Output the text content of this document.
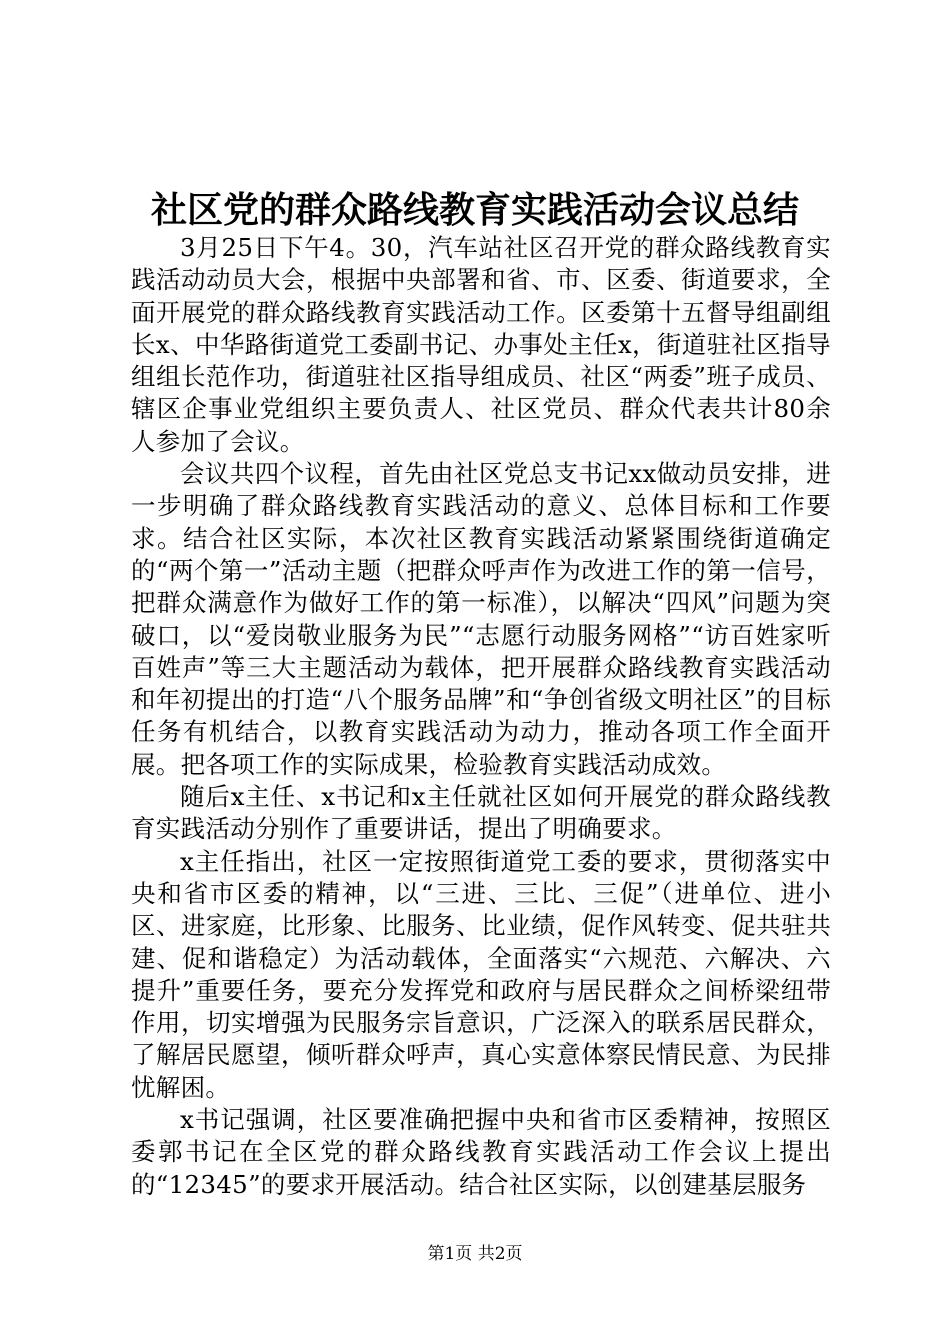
社区党的群众路线教育实践活动会议总结

3月25日下午4。30，汽车站社区召开党的群众路线教育实践活动动员大会，根据中央部署和省、市、区委、街道要求，全面开展党的群众路线教育实践活动工作。区委第十五督导组副组长x、中华路街道党工委副书记、办事处主任x，街道驻社区指导组组长范作功，街道驻社区指导组成员、社区“两委”班子成员、辖区企事业党组织主要负责人、社区党员、群众代表共计80余人参加了会议。

会议共四个议程，首先由社区党总支书记xx做动员安排，进一步明确了群众路线教育实践活动的意义、总体目标和工作要求。结合社区实际，本次社区教育实践活动紧紧围绕街道确定的“两个第一”活动主题（把群众呼声作为改进工作的第一信号，把群众满意作为做好工作的第一标准），以解决“四风”问题为突破口，以“爱岗敬业服务为民”“志愿行动服务网格”“访百姓家听百姓声”等三大主题活动为载体，把开展群众路线教育实践活动和年初提出的打造“八个服务品牌”和“争创省级文明社区”的目标任务有机结合，以教育实践活动为动力，推动各项工作全面开展。把各项工作的实际成果，检验教育实践活动成效。

随后x主任、x书记和x主任就社区如何开展党的群众路线教育实践活动分别作了重要讲话，提出了明确要求。

x主任指出，社区一定按照街道党工委的要求，贯彻落实中央和省市区委的精神，以“三进、三比、三促”（进单位、进小区、进家庭，比形象、比服务、比业绩，促作风转变、促共驻共建、促和谐稳定）为活动载体，全面落实“六规范、六解决、六提升”重要任务，要充分发挥党和政府与居民群众之间桥梁纽带作用，切实增强为民服务宗旨意识，广泛深入的联系居民群众，了解居民愿望，倾听群众呼声，真心实意体察民情民意、为民排忧解困。

x书记强调，社区要准确把握中央和省市区委精神，按照区委郭书记在全区党的群众路线教育实践活动工作会议上提出的“12345”的要求开展活动。结合社区实际，以创建基层服务

第1页 共2页
